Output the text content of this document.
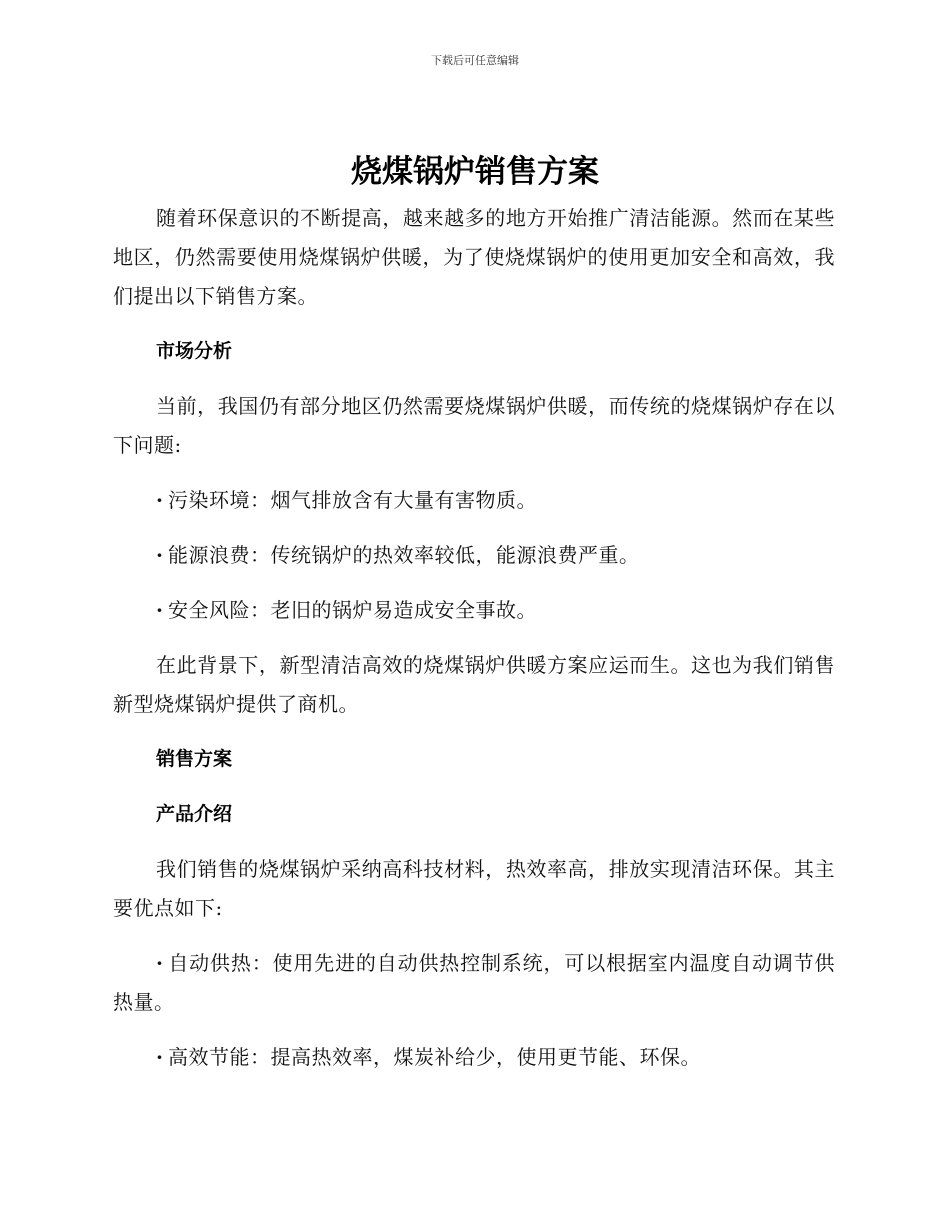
下载后可任意编辑
烧煤锅炉销售方案

随着环保意识的不断提高，越来越多的地方开始推广清洁能源。然而在某些地区，仍然需要使用烧煤锅炉供暖，为了使烧煤锅炉的使用更加安全和高效，我们提出以下销售方案。

市场分析

当前，我国仍有部分地区仍然需要烧煤锅炉供暖，而传统的烧煤锅炉存在以下问题:

· 污染环境：烟气排放含有大量有害物质。

· 能源浪费：传统锅炉的热效率较低，能源浪费严重。

· 安全风险：老旧的锅炉易造成安全事故。

在此背景下，新型清洁高效的烧煤锅炉供暖方案应运而生。这也为我们销售新型烧煤锅炉提供了商机。

销售方案

产品介绍

我们销售的烧煤锅炉采纳高科技材料，热效率高，排放实现清洁环保。其主要优点如下:

· 自动供热：使用先进的自动供热控制系统，可以根据室内温度自动调节供热量。

· 高效节能：提高热效率，煤炭补给少，使用更节能、环保。
